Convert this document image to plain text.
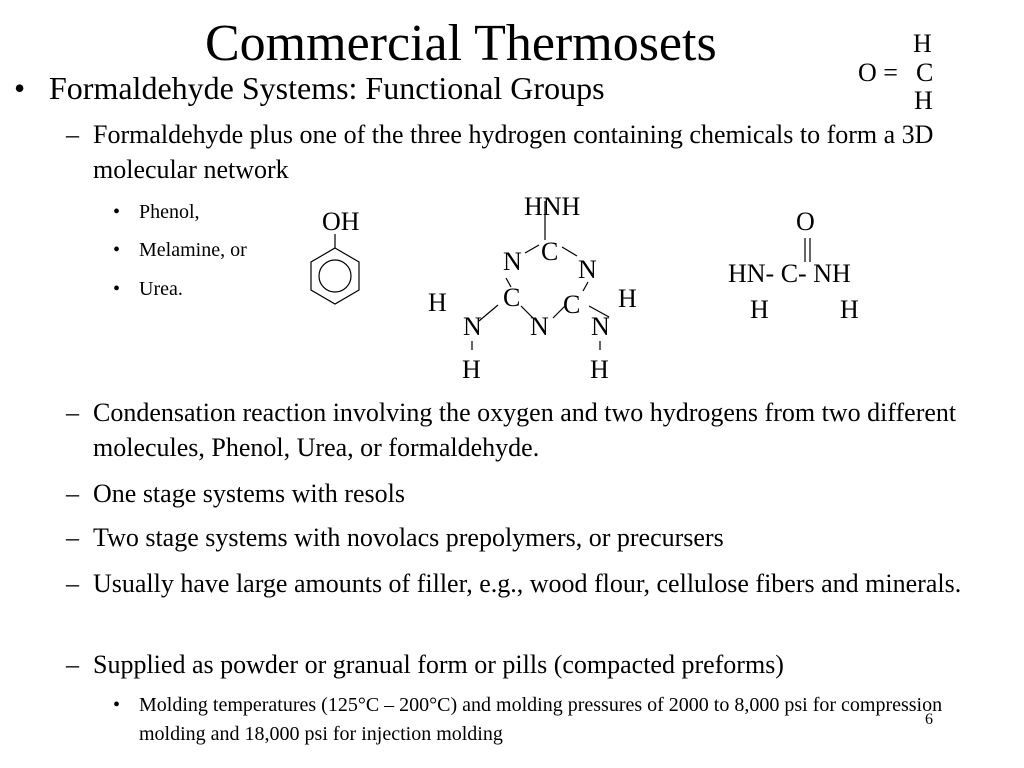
Commercial Thermosets	H
O = C
H
• Formaldehyde Systems: Functional Groups
– Formaldehyde plus one of the three hydrogen containing chemicals to form a 3D molecular network
• Phenol,
• Melamine, or
• Urea.
OH
HNH
N C
N
H C C H
N N N
H	H
O
HN- C- NH
H	H
– Condensation reaction involving the oxygen and two hydrogens from two different molecules, Phenol, Urea, or formaldehyde.
– One stage systems with resols
– Two stage systems with novolacs prepolymers, or precursers
– Usually have large amounts of filler, e.g., wood flour, cellulose fibers and minerals.
– Supplied as powder or granual form or pills (compacted preforms)
• Molding temperatures (125°C – 200°C) and molding pressures of 2000 to 8,000 psi for compression molding and 18,000 psi for injection molding
6
